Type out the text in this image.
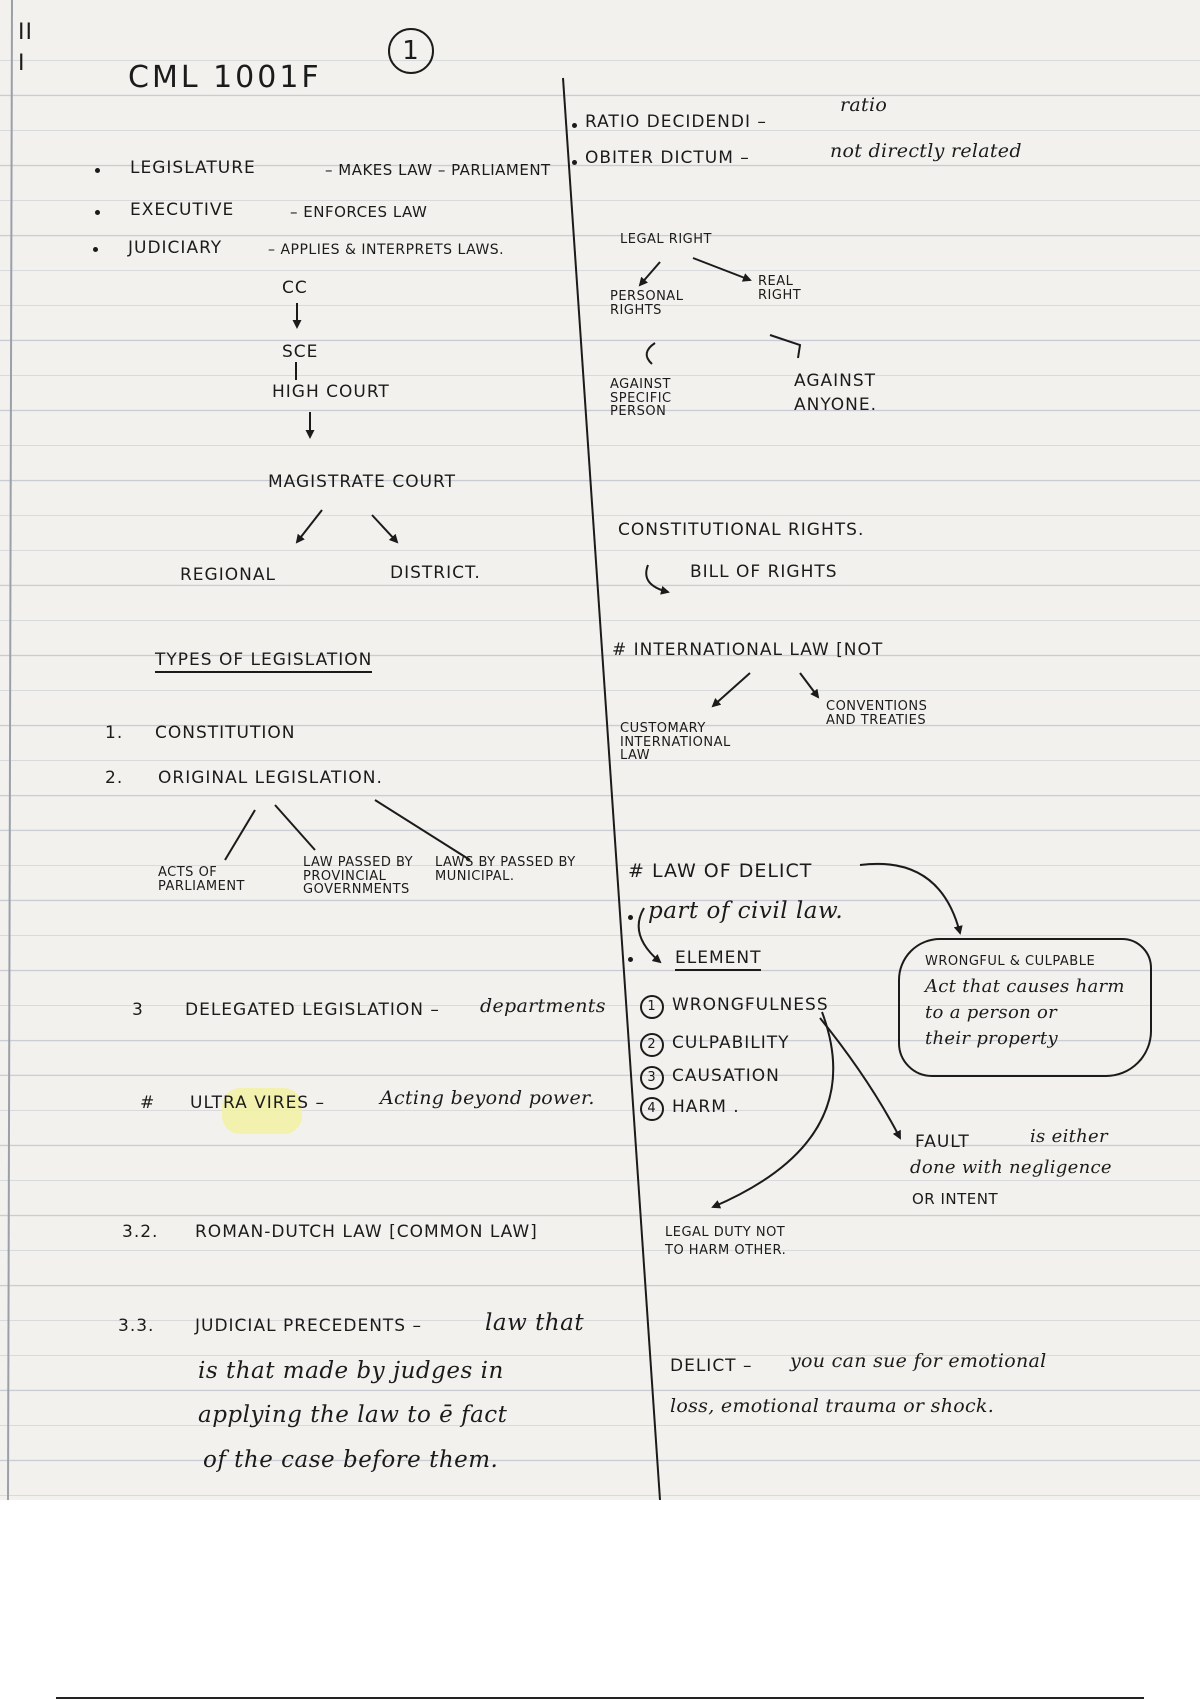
II
I	CML 1001F
1
LEGISLATURE	– MAKES LAW – PARLIAMENT
EXECUTIVE	– ENFORCES LAW
JUDICIARY	– APPLIES & INTERPRETS LAWS.
CC
SCE
HIGH COURT
MAGISTRATE COURT
REGIONAL	DISTRICT.
TYPES OF LEGISLATION
1. CONSTITUTION
2. ORIGINAL LEGISLATION.
ACTS OF PARLIAMENT
LAW PASSED BY PROVINCIAL GOVERNMENTS
LAWS BY PASSED BY MUNICIPAL.
3 DELEGATED LEGISLATION – departments
# ULTRA VIRES –	Acting beyond power.
3.2. ROMAN-DUTCH LAW [COMMON LAW]
3.3. JUDICIAL PRECEDENTS –	law that
is that made by judges in
applying the law to ē fact
of the case before them.
RATIO DECIDENDI –
ratio
OBITER DICTUM –	not directly related
LEGAL RIGHT
PERSONAL RIGHTS
REAL RIGHT
AGAINST SPECIFIC PERSON
AGAINST ANYONE.
CONSTITUTIONAL RIGHTS.
BILL OF RIGHTS
# INTERNATIONAL LAW [NOT
CUSTOMARY INTERNATIONAL LAW
CONVENTIONS AND TREATIES
# LAW OF DELICT
part of civil law.
ELEMENT
1 WRONGFULNESS
2 CULPABILITY
3 CAUSATION
4 HARM .
WRONGFUL & CULPABLE
Act that causes harm
to a person or
their property
FAULT	is either
done with negligence
OR INTENT
LEGAL DUTY NOT TO HARM OTHER.
DELICT – you can sue for emotional
loss, emotional trauma or shock.
